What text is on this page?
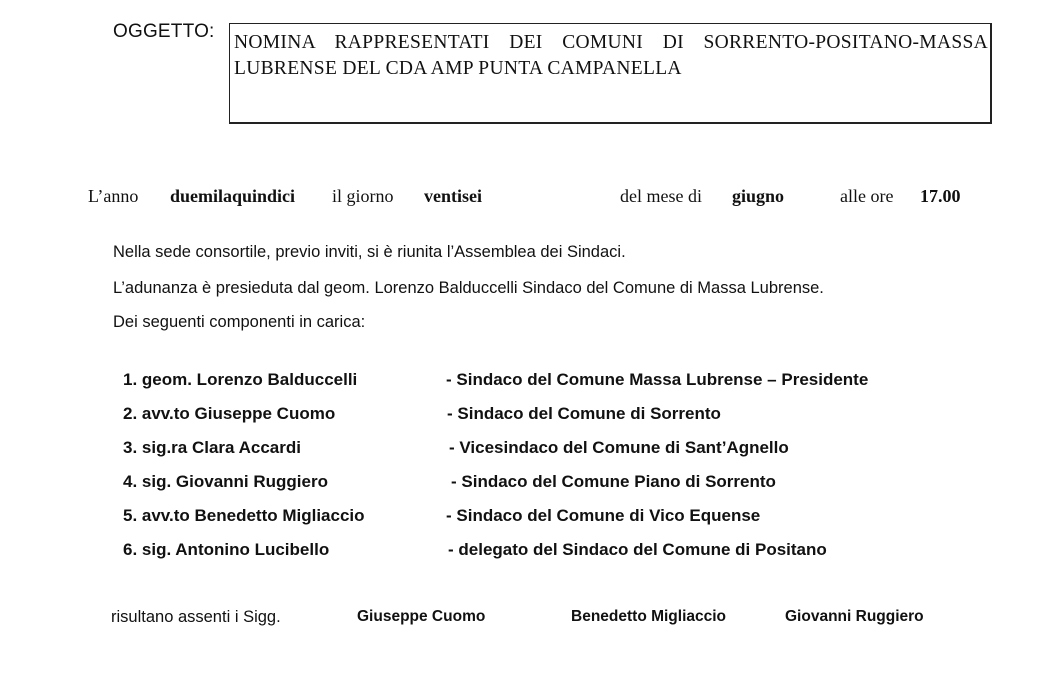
OGGETTO:
NOMINA RAPPRESENTATI DEI COMUNI DI SORRENTO-POSITANO-MASSA LUBRENSE DEL CDA AMP PUNTA CAMPANELLA
L’anno duemilaquindici il giorno ventisei	del mese di giugno	alle ore 17.00
Nella sede consortile, previo inviti, si è riunita l’Assemblea dei Sindaci.
L’adunanza è presieduta dal geom. Lorenzo Balduccelli Sindaco del Comune di Massa Lubrense.
Dei seguenti componenti in carica:
1. geom. Lorenzo Balduccelli	- Sindaco del Comune Massa Lubrense – Presidente
2. avv.to Giuseppe Cuomo	- Sindaco del Comune di Sorrento
3. sig.ra Clara Accardi	- Vicesindaco del Comune di Sant’Agnello
4. sig. Giovanni Ruggiero	- Sindaco del Comune Piano di Sorrento
5. avv.to Benedetto Migliaccio	- Sindaco del Comune di Vico Equense
6. sig. Antonino Lucibello	- delegato del Sindaco del Comune di Positano
risultano assenti i Sigg.	Giuseppe Cuomo	Benedetto Migliaccio	Giovanni Ruggiero
